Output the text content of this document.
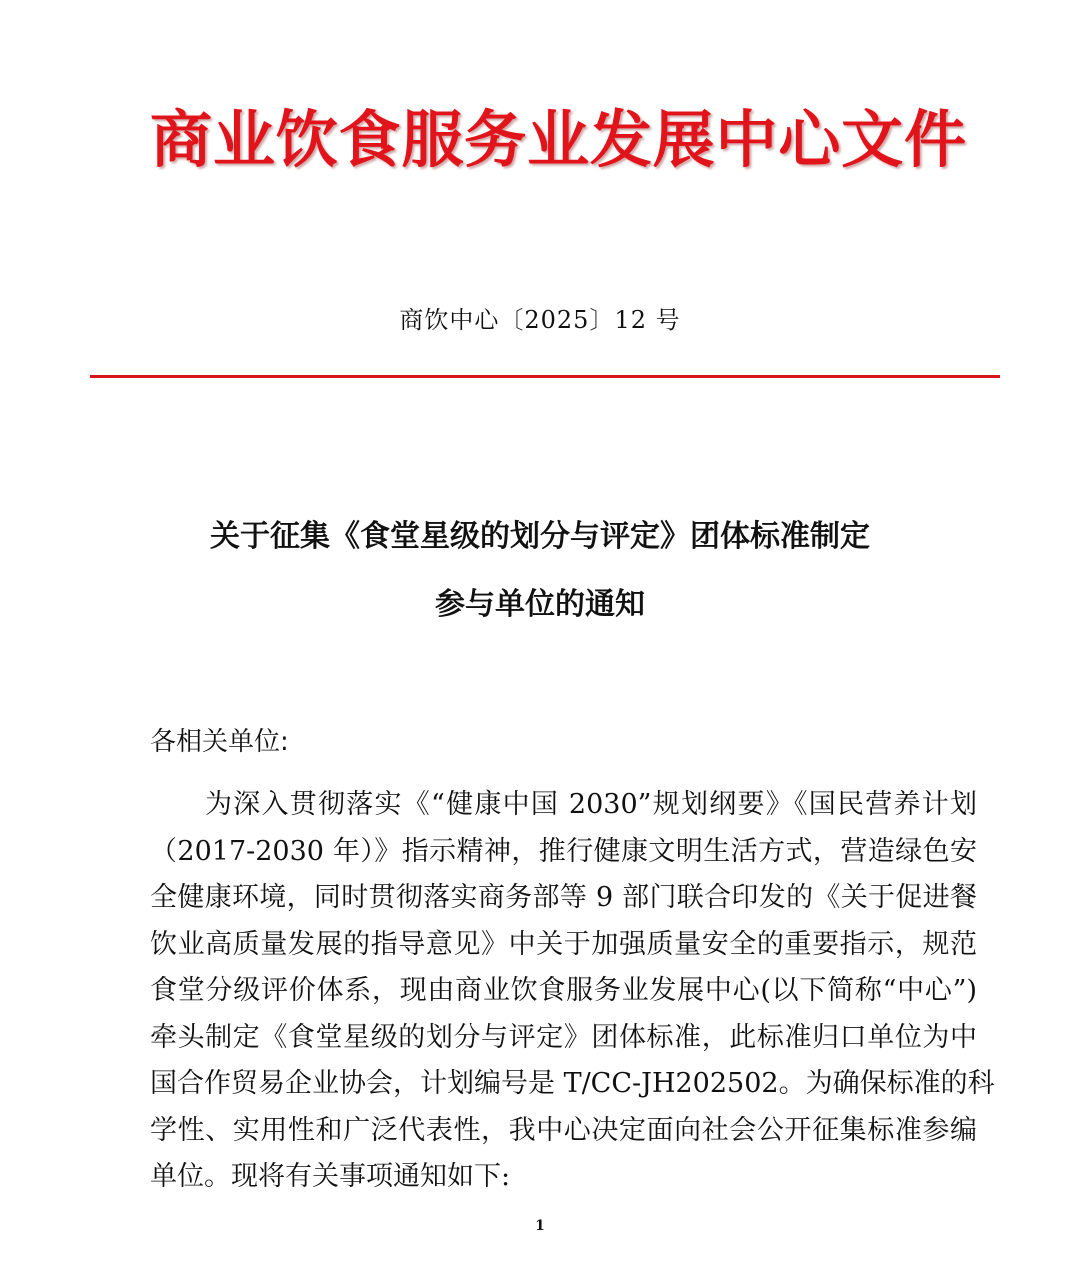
商业饮食服务业发展中心文件
商饮中心〔2025〕12 号
关于征集《食堂星级的划分与评定》团体标准制定
参与单位的通知
各相关单位:
为深入贯彻落实《“健康中国 2030”规划纲要》《国民营养计划
（2017-2030 年）》指示精神，推行健康文明生活方式，营造绿色安
全健康环境，同时贯彻落实商务部等 9 部门联合印发的《关于促进餐
饮业高质量发展的指导意见》中关于加强质量安全的重要指示，规范
食堂分级评价体系，现由商业饮食服务业发展中心(以下简称“中心”)
牵头制定《食堂星级的划分与评定》团体标准，此标准归口单位为中
国合作贸易企业协会，计划编号是 T/CC-JH202502。为确保标准的科
学性、实用性和广泛代表性，我中心决定面向社会公开征集标准参编
单位。现将有关事项通知如下:
1
